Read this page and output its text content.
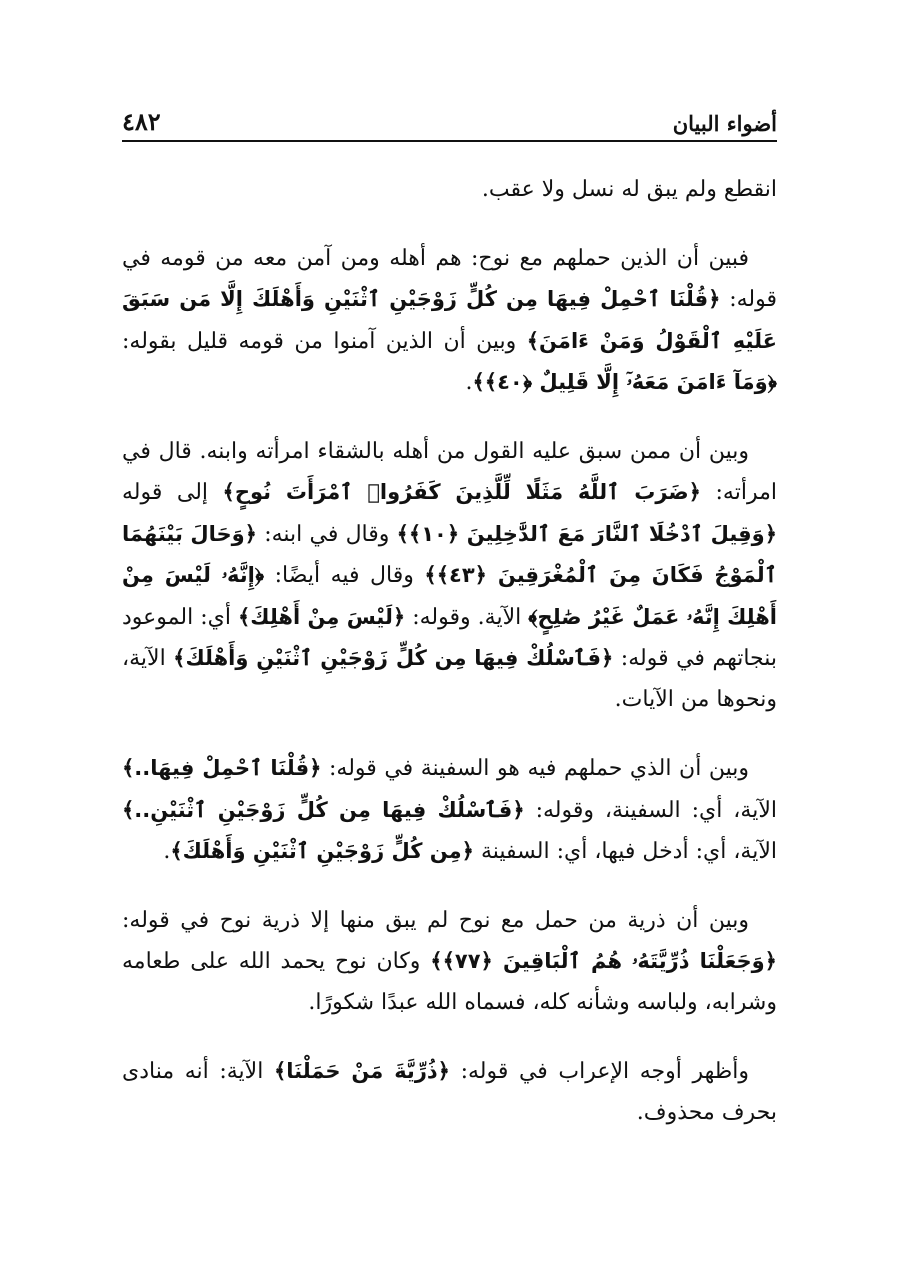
أضواء البيان
٤٨٢

انقطع ولم يبق له نسل ولا عقب.

فبين أن الذين حملهم مع نوح: هم أهله ومن آمن معه من قومه في قوله: ﴿قُلْنَا ٱحْمِلْ فِيهَا مِن كُلٍّ زَوْجَيْنِ ٱثْنَيْنِ وَأَهْلَكَ إِلَّا مَن سَبَقَ عَلَيْهِ ٱلْقَوْلُ وَمَنْ ءَامَنَ﴾ وبين أن الذين آمنوا من قومه قليل بقوله: ﴿وَمَآ ءَامَنَ مَعَهُۥٓ إِلَّا قَلِيلٌ ﴿٤٠﴾﴾.

وبين أن ممن سبق عليه القول من أهله بالشقاء امرأته وابنه. قال في امرأته: ﴿ضَرَبَ ٱللَّهُ مَثَلًا لِّلَّذِينَ كَفَرُوا۟ ٱمْرَأَتَ نُوحٍ﴾ إلى قوله ﴿وَقِيلَ ٱدْخُلَا ٱلنَّارَ مَعَ ٱلدَّٰخِلِينَ ﴿١٠﴾﴾ وقال في ابنه: ﴿وَحَالَ بَيْنَهُمَا ٱلْمَوْجُ فَكَانَ مِنَ ٱلْمُغْرَقِينَ ﴿٤٣﴾﴾ وقال فيه أيضًا: ﴿إِنَّهُۥ لَيْسَ مِنْ أَهْلِكَ إِنَّهُۥ عَمَلٌ غَيْرُ صَٰلِحٍ﴾ الآية. وقوله: ﴿لَيْسَ مِنْ أَهْلِكَ﴾ أي: الموعود بنجاتهم في قوله: ﴿فَٱسْلُكْ فِيهَا مِن كُلٍّ زَوْجَيْنِ ٱثْنَيْنِ وَأَهْلَكَ﴾ الآية، ونحوها من الآيات.

وبين أن الذي حملهم فيه هو السفينة في قوله: ﴿قُلْنَا ٱحْمِلْ فِيهَا..﴾ الآية، أي: السفينة، وقوله: ﴿فَٱسْلُكْ فِيهَا مِن كُلٍّ زَوْجَيْنِ ٱثْنَيْنِ..﴾ الآية، أي: أدخل فيها، أي: السفينة ﴿مِن كُلٍّ زَوْجَيْنِ ٱثْنَيْنِ وَأَهْلَكَ﴾.

وبين أن ذرية من حمل مع نوح لم يبق منها إلا ذرية نوح في قوله: ﴿وَجَعَلْنَا ذُرِّيَّتَهُۥ هُمُ ٱلْبَاقِينَ ﴿٧٧﴾﴾ وكان نوح يحمد الله على طعامه وشرابه، ولباسه وشأنه كله، فسماه الله عبدًا شكورًا.

وأظهر أوجه الإعراب في قوله: ﴿ذُرِّيَّةَ مَنْ حَمَلْنَا﴾ الآية: أنه منادى بحرف محذوف.
